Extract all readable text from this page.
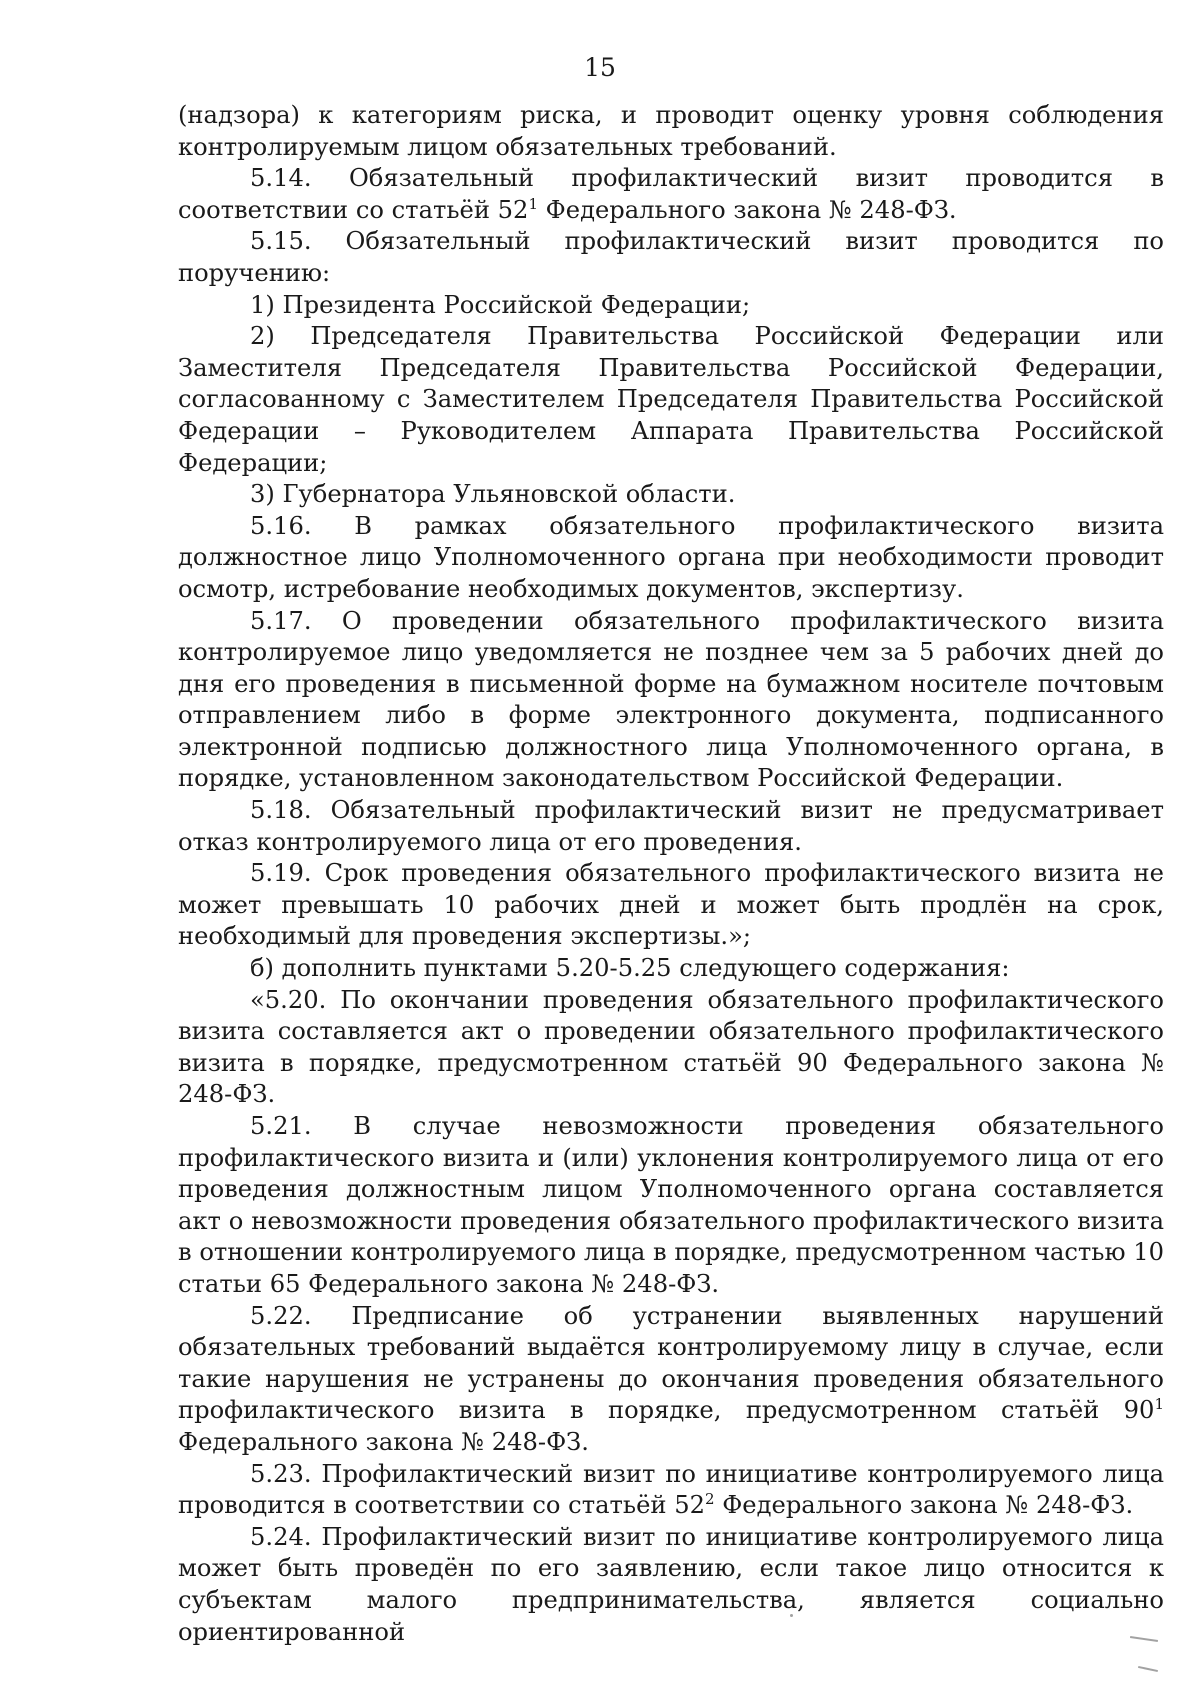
15

(надзора) к категориям риска, и проводит оценку уровня соблюдения контролируемым лицом обязательных требований.

5.14. Обязательный профилактический визит проводится в соответствии со статьёй $52^1$ Федерального закона № 248-ФЗ.

5.15. Обязательный профилактический визит проводится по поручению:

1) Президента Российской Федерации;

2) Председателя Правительства Российской Федерации или Заместителя Председателя Правительства Российской Федерации, согласованному с Заместителем Председателя Правительства Российской Федерации – Руководителем Аппарата Правительства Российской Федерации;

3) Губернатора Ульяновской области.

5.16. В рамках обязательного профилактического визита должностное лицо Уполномоченного органа при необходимости проводит осмотр, истребование необходимых документов, экспертизу.

5.17. О проведении обязательного профилактического визита контролируемое лицо уведомляется не позднее чем за 5 рабочих дней до дня его проведения в письменной форме на бумажном носителе почтовым отправлением либо в форме электронного документа, подписанного электронной подписью должностного лица Уполномоченного органа, в порядке, установленном законодательством Российской Федерации.

5.18. Обязательный профилактический визит не предусматривает отказ контролируемого лица от его проведения.

5.19. Срок проведения обязательного профилактического визита не может превышать 10 рабочих дней и может быть продлён на срок, необходимый для проведения экспертизы.»;

б) дополнить пунктами 5.20-5.25 следующего содержания:

«5.20. По окончании проведения обязательного профилактического визита составляется акт о проведении обязательного профилактического визита в порядке, предусмотренном статьёй 90 Федерального закона № 248-ФЗ.

5.21. В случае невозможности проведения обязательного профилактического визита и (или) уклонения контролируемого лица от его проведения должностным лицом Уполномоченного органа составляется акт о невозможности проведения обязательного профилактического визита в отношении контролируемого лица в порядке, предусмотренном частью 10 статьи 65 Федерального закона № 248-ФЗ.

5.22. Предписание об устранении выявленных нарушений обязательных требований выдаётся контролируемому лицу в случае, если такие нарушения не устранены до окончания проведения обязательного профилактического визита в порядке, предусмотренном статьёй $90^1$ Федерального закона № 248-ФЗ.

5.23. Профилактический визит по инициативе контролируемого лица проводится в соответствии со статьёй $52^2$ Федерального закона № 248-ФЗ.

5.24. Профилактический визит по инициативе контролируемого лица может быть проведён по его заявлению, если такое лицо относится к субъектам малого предпринимательства, является социально ориентированной
